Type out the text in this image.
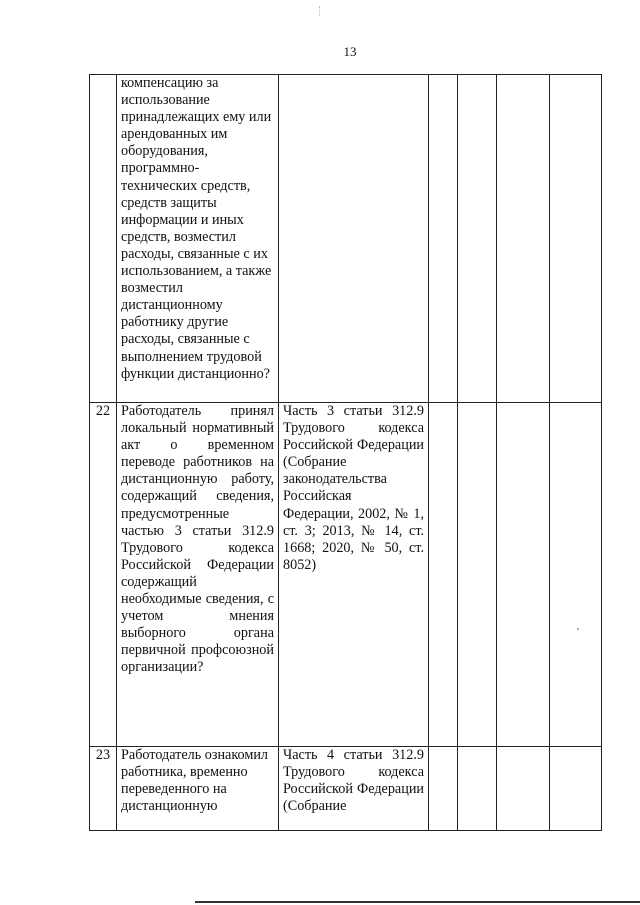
13
	компенсацию за использование принадлежащих ему или арендованных им оборудования, программно-технических средств, средств защиты информации и иных средств, возместил расходы, связанные с их использованием, а также возместил дистанционному работнику другие расходы, связанные с выполнением трудовой функции дистанционно?					
22	Работодатель принял локальный нормативный акт о временном переводе работников на дистанционную работу, содержащий сведения, предусмотренные частью 3 статьи 312.9 Трудового кодекса Российской Федерации содержащий необходимые сведения, с учетом мнения выборного органа первичной профсоюзной организации?	Часть 3 статьи 312.9 Трудового кодекса Российской Федерации (Собрание законодательства Российская Федерации, 2002, № 1, ст. 3; 2013, № 14, ст. 1668; 2020, № 50, ст. 8052)				
23	Работодатель ознакомил работника, временно переведенного на дистанционную	Часть 4 статьи 312.9 Трудового кодекса Российской Федерации (Собрание				
